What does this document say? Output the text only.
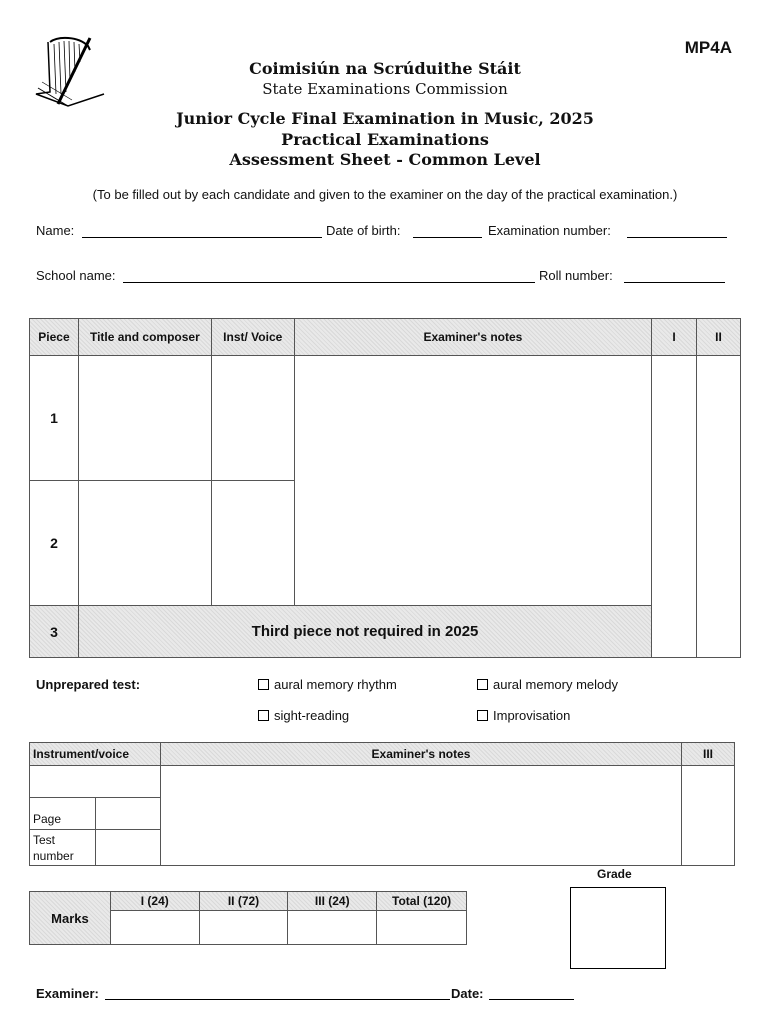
MP4A
Coimisiún na Scrúduithe Stáit
State Examinations Commission
Junior Cycle Final Examination in Music, 2025
Practical Examinations
Assessment Sheet - Common Level
(To be filled out by each candidate and given to the examiner on the day of the practical examination.)
Name:	Date of birth:	Examination number:
School name:	Roll number:
Piece	Title and composer	Inst/ Voice	Examiner's notes	I	II
1					
2					
3	Third piece not required in 2025				
Unprepared test:	aural memory rhythm	aural memory melody
sight-reading	Improvisation
Instrument/voice		Examiner's notes	III

Page			
Test number			
Grade
Marks	I (24)	II (72)	III (24)	Total (120)

Examiner:	Date:
